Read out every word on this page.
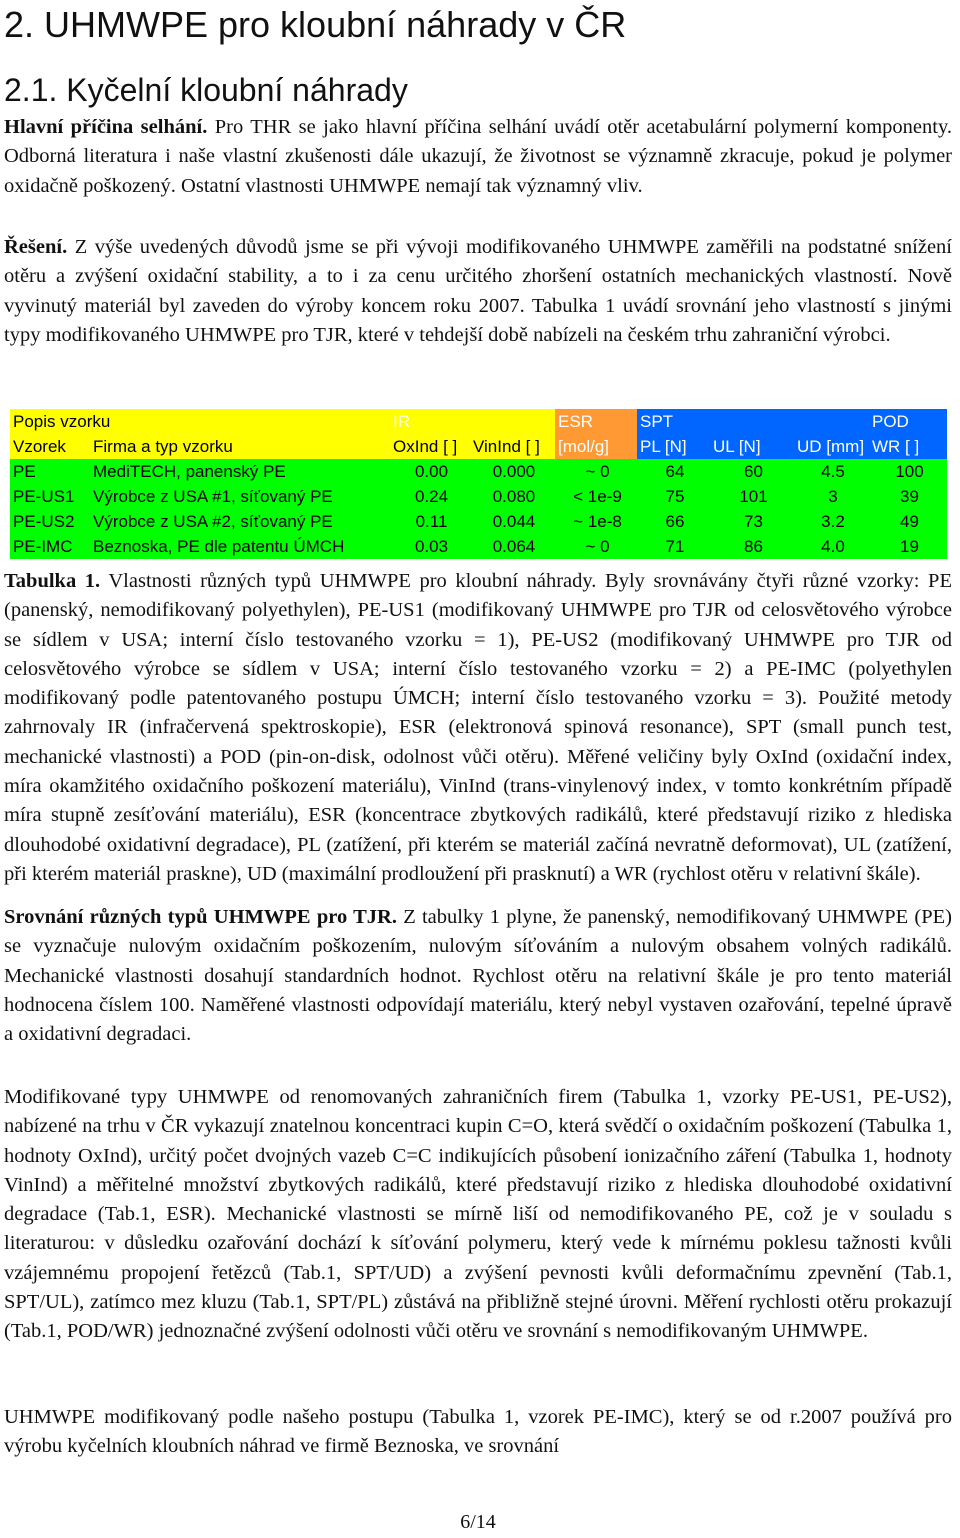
2. UHMWPE pro kloubní náhrady v ČR
2.1. Kyčelní kloubní náhrady

Hlavní příčina selhání. Pro THR se jako hlavní příčina selhání uvádí otěr acetabulární polymerní komponenty. Odborná literatura i naše vlastní zkušenosti dále ukazují, že životnost se významně zkracuje, pokud je polymer oxidačně poškozený. Ostatní vlastnosti UHMWPE nemají tak významný vliv.

Řešení. Z výše uvedených důvodů jsme se při vývoji modifikovaného UHMWPE zaměřili na podstatné snížení otěru a zvýšení oxidační stability, a to i za cenu určitého zhoršení ostatních mechanických vlastností. Nově vyvinutý materiál byl zaveden do výroby koncem roku 2007. Tabulka 1 uvádí srovnání jeho vlastností s jinými typy modifikovaného UHMWPE pro TJR, které v tehdejší době nabízeli na českém trhu zahraniční výrobci.

Popis vzorku		IR		ESR	SPT			POD
Vzorek	Firma a typ vzorku	OxInd [ ]	VinInd [ ]	[mol/g]	PL [N]	UL [N]	UD [mm]	WR [ ]
PE	MediTECH, panenský PE	0.00	0.000	~ 0	64	60	4.5	100
PE-US1	Výrobce z USA #1, síťovaný PE	0.24	0.080	< 1e-9	75	101	3	39
PE-US2	Výrobce z USA #2, síťovaný PE	0.11	0.044	~ 1e-8	66	73	3.2	49
PE-IMC	Beznoska, PE dle patentu ÚMCH	0.03	0.064	~ 0	71	86	4.0	19

Tabulka 1. Vlastnosti různých typů UHMWPE pro kloubní náhrady. Byly srovnávány čtyři různé vzorky: PE (panenský, nemodifikovaný polyethylen), PE-US1 (modifikovaný UHMWPE pro TJR od celosvětového výrobce se sídlem v USA; interní číslo testovaného vzorku = 1), PE-US2 (modifikovaný UHMWPE pro TJR od celosvětového výrobce se sídlem v USA; interní číslo testovaného vzorku = 2) a PE-IMC (polyethylen modifikovaný podle patentovaného postupu ÚMCH; interní číslo testovaného vzorku = 3). Použité metody zahrnovaly IR (infračervená spektroskopie), ESR (elektronová spinová resonance), SPT (small punch test, mechanické vlastnosti) a POD (pin-on-disk, odolnost vůči otěru). Měřené veličiny byly OxInd (oxidační index, míra okamžitého oxidačního poškození materiálu), VinInd (trans-vinylenový index, v tomto konkrétním případě míra stupně zesíťování materiálu), ESR (koncentrace zbytkových radikálů, které představují riziko z hlediska dlouhodobé oxidativní degradace), PL (zatížení, při kterém se materiál začíná nevratně deformovat), UL (zatížení, při kterém materiál praskne), UD (maximální prodloužení při prasknutí) a WR (rychlost otěru v relativní škále).

Srovnání různých typů UHMWPE pro TJR. Z tabulky 1 plyne, že panenský, nemodifikovaný UHMWPE (PE) se vyznačuje nulovým oxidačním poškozením, nulovým síťováním a nulovým obsahem volných radikálů. Mechanické vlastnosti dosahují standardních hodnot. Rychlost otěru na relativní škále je pro tento materiál hodnocena číslem 100. Naměřené vlastnosti odpovídají materiálu, který nebyl vystaven ozařování, tepelné úpravě a oxidativní degradaci.

Modifikované typy UHMWPE od renomovaných zahraničních firem (Tabulka 1, vzorky PE-US1, PE-US2), nabízené na trhu v ČR vykazují znatelnou koncentraci kupin C=O, která svědčí o oxidačním poškození (Tabulka 1, hodnoty OxInd), určitý počet dvojných vazeb C=C indikujících působení ionizačního záření (Tabulka 1, hodnoty VinInd) a měřitelné množství zbytkových radikálů, které představují riziko z hlediska dlouhodobé oxidativní degradace (Tab.1, ESR). Mechanické vlastnosti se mírně liší od nemodifikovaného PE, což je v souladu s literaturou: v důsledku ozařování dochází k síťování polymeru, který vede k mírnému poklesu tažnosti kvůli vzájemnému propojení řetězců (Tab.1, SPT/UD) a zvýšení pevnosti kvůli deformačnímu zpevnění (Tab.1, SPT/UL), zatímco mez kluzu (Tab.1, SPT/PL) zůstává na přibližně stejné úrovni. Měření rychlosti otěru prokazují (Tab.1, POD/WR) jednoznačné zvýšení odolnosti vůči otěru ve srovnání s nemodifikovaným UHMWPE.

UHMWPE modifikovaný podle našeho postupu (Tabulka 1, vzorek PE-IMC), který se od r.2007 používá pro výrobu kyčelních kloubních náhrad ve firmě Beznoska, ve srovnání

6/14
